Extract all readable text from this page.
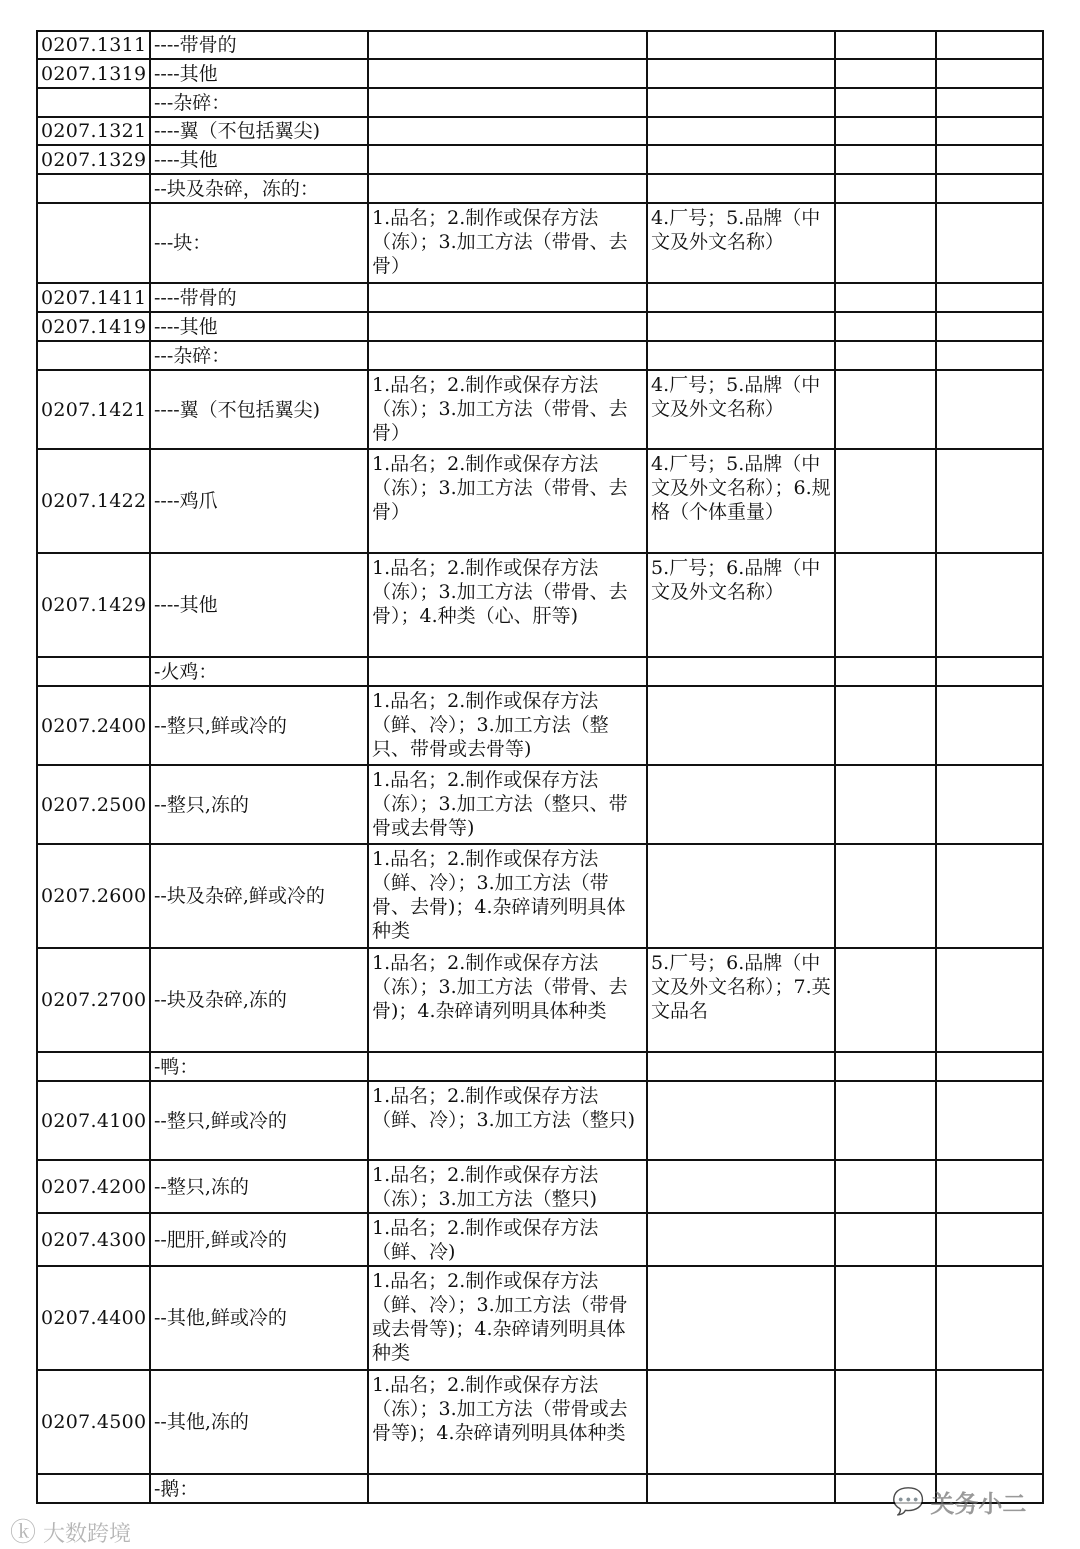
0207.1311	----带骨的				
0207.1319	----其他				
	---杂碎：				
0207.1321	----翼（不包括翼尖)				
0207.1329	----其他				
	--块及杂碎，冻的：				
	---块：	1.品名；2.制作或保存方法（冻）；3.加工方法（带骨、去骨）	4.厂号；5.品牌（中文及外文名称）		
0207.1411	----带骨的				
0207.1419	----其他				
	---杂碎：				
0207.1421	----翼（不包括翼尖)	1.品名；2.制作或保存方法（冻）；3.加工方法（带骨、去骨）	4.厂号；5.品牌（中文及外文名称）		
0207.1422	----鸡爪	1.品名；2.制作或保存方法（冻）；3.加工方法（带骨、去骨）	4.厂号；5.品牌（中文及外文名称）；6.规格（个体重量）		
0207.1429	----其他	1.品名；2.制作或保存方法（冻）；3.加工方法（带骨、去骨）；4.种类（心、肝等)	5.厂号；6.品牌（中文及外文名称）		
	-火鸡：				
0207.2400	--整只,鲜或冷的	1.品名；2.制作或保存方法（鲜、冷）；3.加工方法（整只、带骨或去骨等)			
0207.2500	--整只,冻的	1.品名；2.制作或保存方法（冻）；3.加工方法（整只、带骨或去骨等)			
0207.2600	--块及杂碎,鲜或冷的	1.品名；2.制作或保存方法（鲜、冷）；3.加工方法（带骨、去骨)；4.杂碎请列明具体种类			
0207.2700	--块及杂碎,冻的	1.品名；2.制作或保存方法（冻）；3.加工方法（带骨、去骨)；4.杂碎请列明具体种类	5.厂号；6.品牌（中文及外文名称）；7.英文品名		
	-鸭：				
0207.4100	--整只,鲜或冷的	1.品名；2.制作或保存方法（鲜、冷）；3.加工方法（整只)			
0207.4200	--整只,冻的	1.品名；2.制作或保存方法（冻）；3.加工方法（整只)			
0207.4300	--肥肝,鲜或冷的	1.品名；2.制作或保存方法（鲜、冷)			
0207.4400	--其他,鲜或冷的	1.品名；2.制作或保存方法（鲜、冷）；3.加工方法（带骨或去骨等)；4.杂碎请列明具体种类			
0207.4500	--其他,冻的	1.品名；2.制作或保存方法（冻）；3.加工方法（带骨或去骨等)；4.杂碎请列明具体种类			
	-鹅：				
ⓚ 大数跨境
💬 关务小二
